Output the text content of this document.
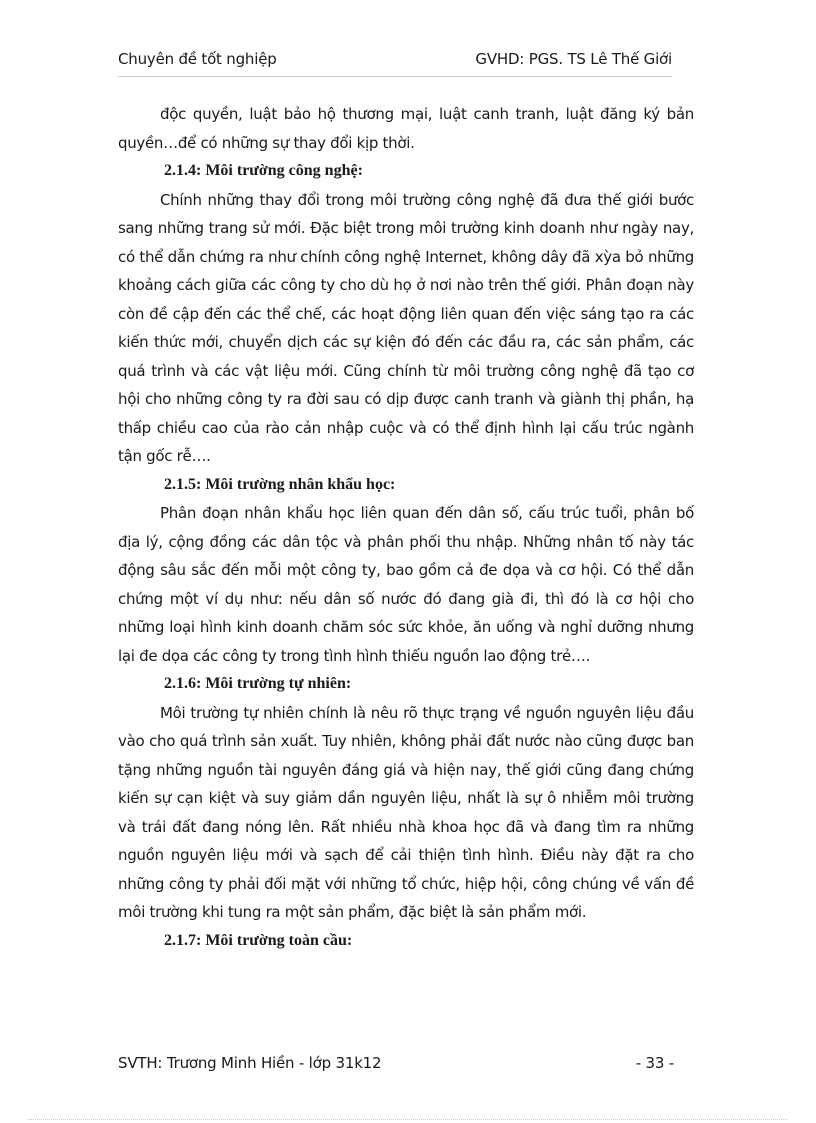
Chuyên đề tốt nghiệp	GVHD: PGS. TS Lê Thế Giới

độc quyền, luật bảo hộ thương mại, luật canh tranh, luật đăng ký bản quyền…để có những sự thay đổi kịp thời.

2.1.4: Môi trường công nghệ:

Chính những thay đổi trong môi trường công nghệ đã đưa thế giới bước sang những trang sử mới. Đặc biệt trong môi trường kinh doanh như ngày nay, có thể dẫn chứng ra như chính công nghệ Internet, không dây đã xỳa bỏ những khoảng cách giữa các công ty cho dù họ ở nơi nào trên thế giới. Phân đoạn này còn đề cập đến các thể chế, các hoạt động liên quan đến việc sáng tạo ra các kiến thức mới, chuyển dịch các sự kiện đó đến các đầu ra, các sản phẩm, các quá trình và các vật liệu mới. Cũng chính từ môi trường công nghệ đã tạo cơ hội cho những công ty ra đời sau có dịp được canh tranh và giành thị phần, hạ thấp chiều cao của rào cản nhập cuộc và có thể định hình lại cấu trúc ngành tận gốc rễ….

2.1.5: Môi trường nhân khẩu học:

Phân đoạn nhân khẩu học liên quan đến dân số, cấu trúc tuổi, phân bố địa lý, cộng đồng các dân tộc và phân phối thu nhập. Những nhân tố này tác động sâu sắc đến mỗi một công ty, bao gồm cả đe dọa và cơ hội. Có thể dẫn chứng một ví dụ như: nếu dân số nước đó đang già đi, thì đó là cơ hội cho những loại hình kinh doanh chăm sóc sức khỏe, ăn uống và nghỉ dưỡng nhưng lại đe dọa các công ty trong tình hình thiếu nguồn lao động trẻ….

2.1.6: Môi trường tự nhiên:

Môi trường tự nhiên chính là nêu rõ thực trạng về nguồn nguyên liệu đầu vào cho quá trình sản xuất. Tuy nhiên, không phải đất nước nào cũng được ban tặng những nguồn tài nguyên đáng giá và hiện nay, thế giới cũng đang chứng kiến sự cạn kiệt và suy giảm dần nguyên liệu, nhất là sự ô nhiễm môi trường và trái đất đang nóng lên. Rất nhiều nhà khoa học đã và đang tìm ra những nguồn nguyên liệu mới và sạch để cải thiện tình hình. Điều này đặt ra cho những công ty phải đối mặt với những tổ chức, hiệp hội, công chúng về vấn đề môi trường khi tung ra một sản phẩm, đặc biệt là sản phẩm mới.

2.1.7: Môi trường toàn cầu:

SVTH: Trương Minh Hiền - lớp 31k12	- 33 -
